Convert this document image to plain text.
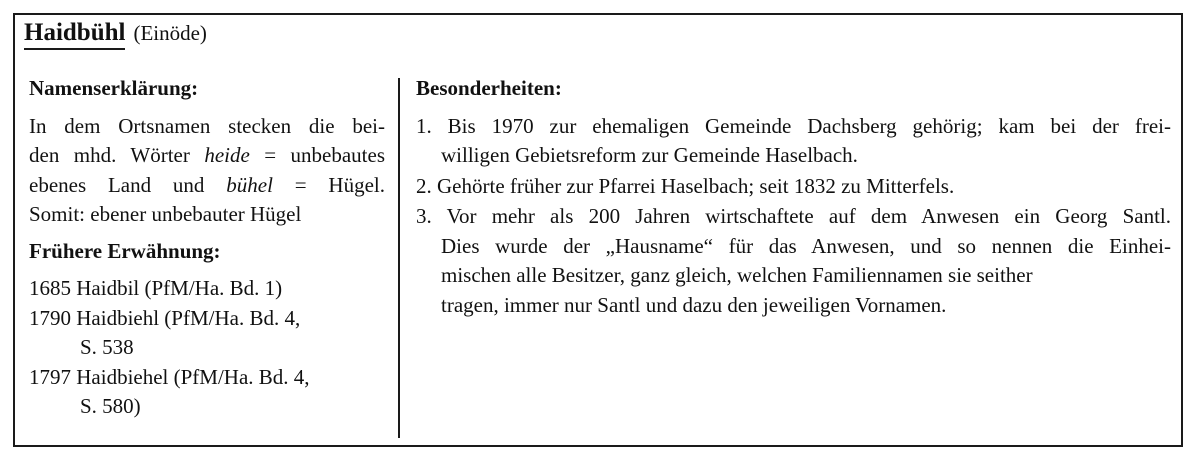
Haidbühl (Einöde)
Namenserklärung:
In dem Ortsnamen stecken die bei-
den mhd. Wörter heide = unbebautes
ebenes Land und bühel = Hügel.
Somit: ebener unbebauter Hügel
Frühere Erwähnung:
1685 Haidbil (PfM/Ha. Bd. 1)
1790 Haidbiehl (PfM/Ha. Bd. 4,
S. 538
1797 Haidbiehel (PfM/Ha. Bd. 4,
S. 580)
Besonderheiten:
1. Bis 1970 zur ehemaligen Gemeinde Dachsberg gehörig; kam bei der frei-
willigen Gebietsreform zur Gemeinde Haselbach.
2. Gehörte früher zur Pfarrei Haselbach; seit 1832 zu Mitterfels.
3. Vor mehr als 200 Jahren wirtschaftete auf dem Anwesen ein Georg Santl.
Dies wurde der „Hausname“ für das Anwesen, und so nennen die Einhei-
mischen alle Besitzer, ganz gleich, welchen Familiennamen sie seither
tragen, immer nur Santl und dazu den jeweiligen Vornamen.
